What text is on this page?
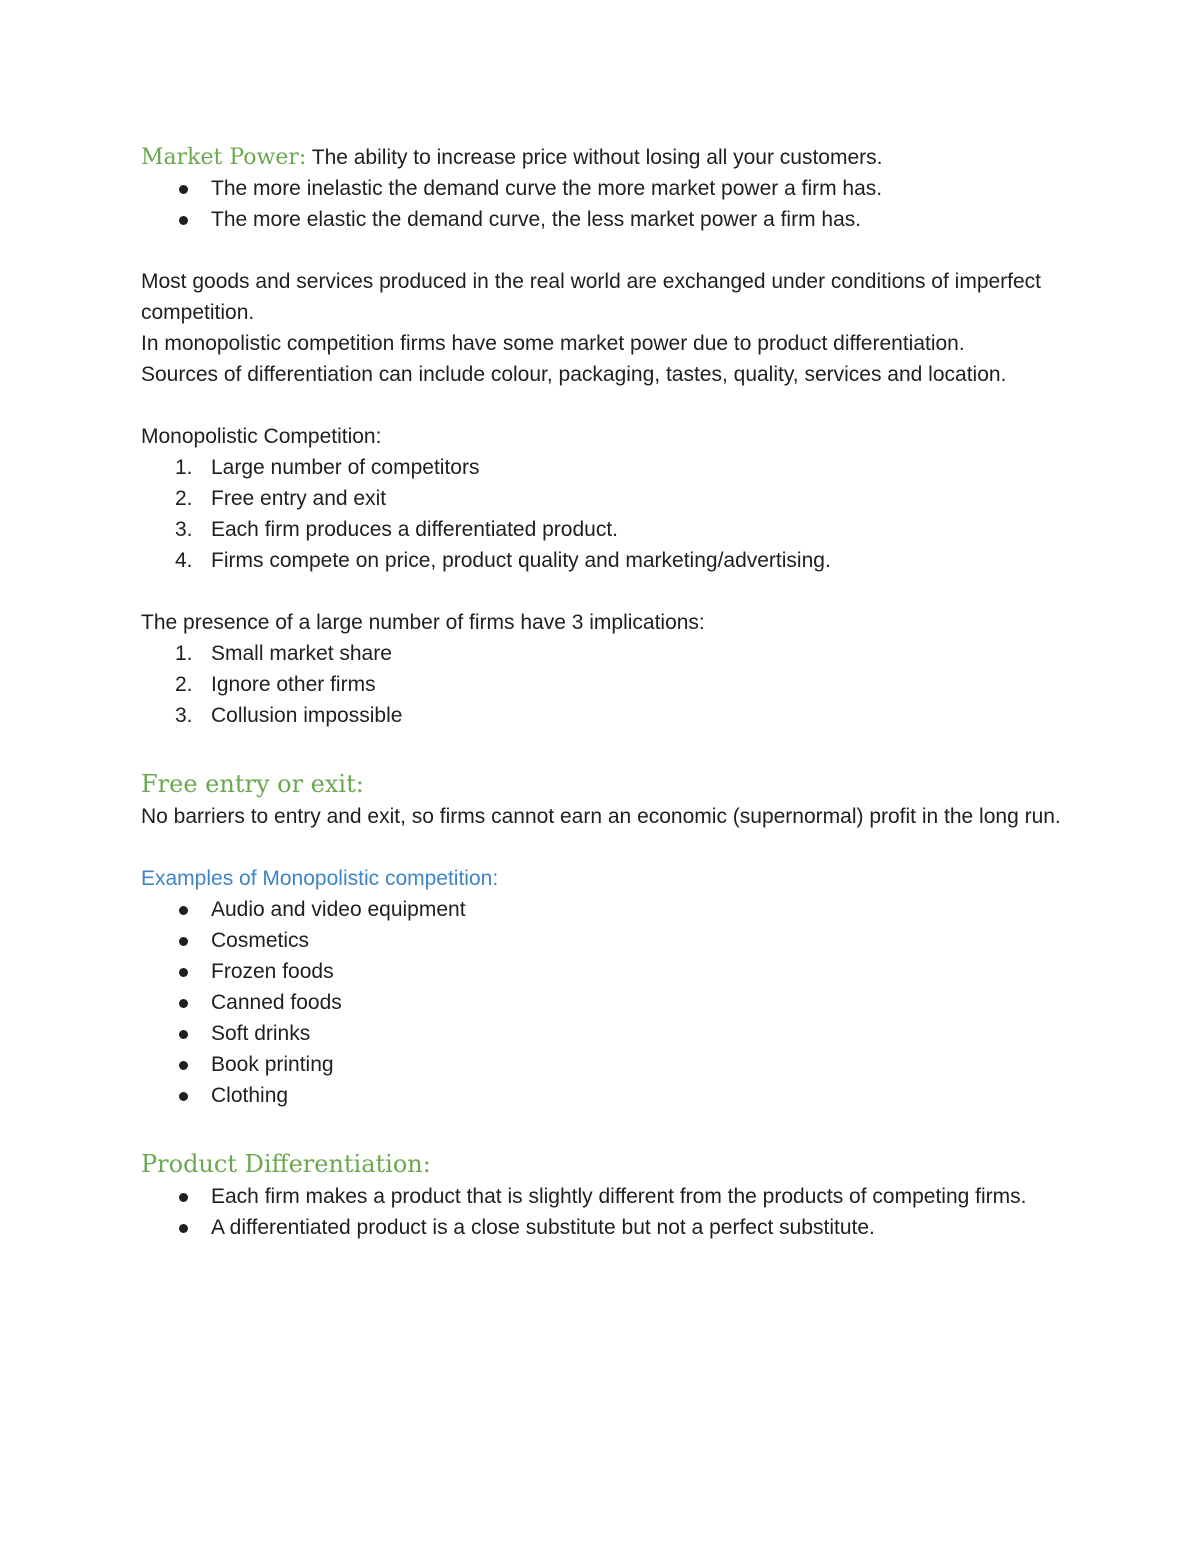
Market Power: The ability to increase price without losing all your customers.

The more inelastic the demand curve the more market power a firm has.
The more elastic the demand curve, the less market power a firm has.

Most goods and services produced in the real world are exchanged under conditions of imperfect competition.

In monopolistic competition firms have some market power due to product differentiation.

Sources of differentiation can include colour, packaging, tastes, quality, services and location.

Monopolistic Competition:

1. Large number of competitors
2. Free entry and exit
3. Each firm produces a differentiated product.
4. Firms compete on price, product quality and marketing/advertising.

The presence of a large number of firms have 3 implications:

1. Small market share
2. Ignore other firms
3. Collusion impossible

Free entry or exit:

No barriers to entry and exit, so firms cannot earn an economic (supernormal) profit in the long run.

Examples of Monopolistic competition:

Audio and video equipment
Cosmetics
Frozen foods
Canned foods
Soft drinks
Book printing
Clothing

Product Differentiation:

Each firm makes a product that is slightly different from the products of competing firms.
A differentiated product is a close substitute but not a perfect substitute.
